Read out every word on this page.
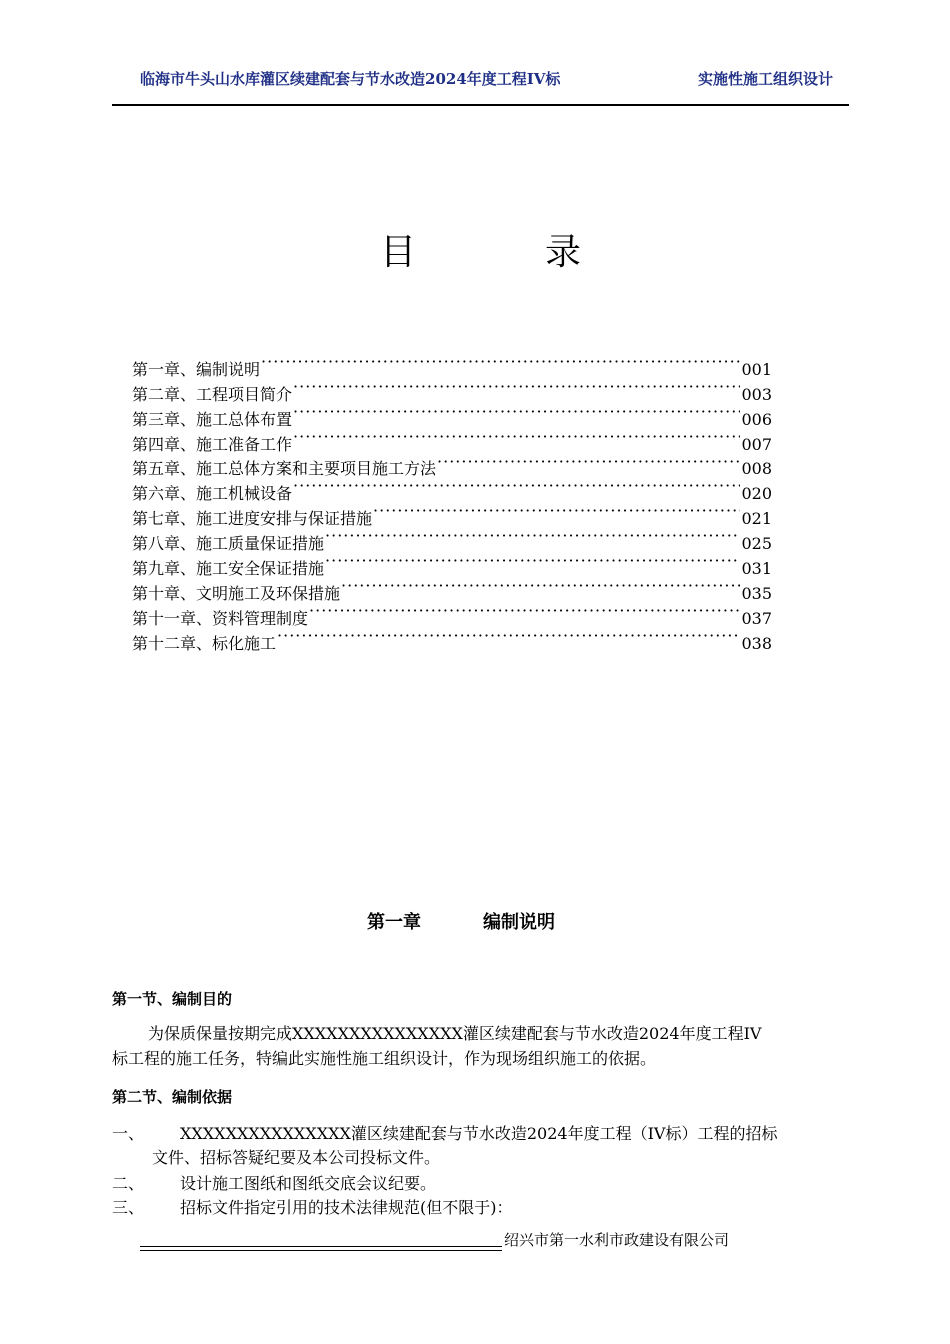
临海市牛头山水库灌区续建配套与节水改造2024年度工程IV标	实施性施工组织设计
目	录
第一章、编制说明 ·····	001
第二章、工程项目简介 ·····	003
第三章、施工总体布置 ·····	006
第四章、施工准备工作 ·····	007
第五章、施工总体方案和主要项目施工方法 ·····	008
第六章、施工机械设备 ·····	020
第七章、施工进度安排与保证措施 ·····	021
第八章、施工质量保证措施 ·····	025
第九章、施工安全保证措施 ·····	031
第十章、文明施工及环保措施 ·····	035
第十一章、资料管理制度 ·····	037
第十二章、标化施工 ·····	038
第一章	编制说明
第一节、编制目的
为保质保量按期完成XXXXXXXXXXXXXXX灌区续建配套与节水改造2024年度工程IV
标工程的施工任务，特编此实施性施工组织设计，作为现场组织施工的依据。
第二节、编制依据
一、 XXXXXXXXXXXXXXX灌区续建配套与节水改造2024年度工程（IV标）工程的招标
文件、招标答疑纪要及本公司投标文件。
二、 设计施工图纸和图纸交底会议纪要。
三、 招标文件指定引用的技术法律规范(但不限于)：
绍兴市第一水利市政建设有限公司
